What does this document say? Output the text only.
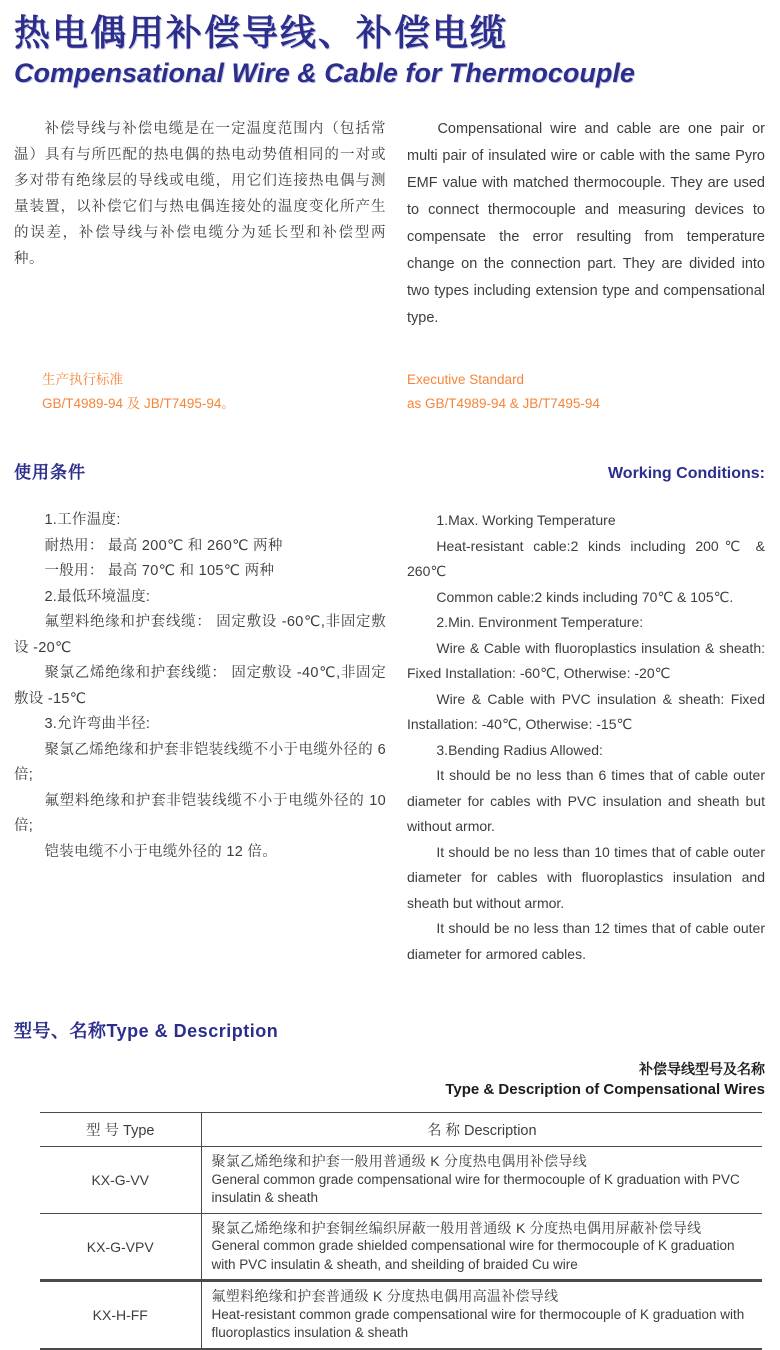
热电偶用补偿导线、补偿电缆
Compensational Wire & Cable for Thermocouple

补偿导线与补偿电缆是在一定温度范围内（包括常温）具有与所匹配的热电偶的热电动势值相同的一对或多对带有绝缘层的导线或电缆，用它们连接热电偶与测量装置，以补偿它们与热电偶连接处的温度变化所产生的误差，补偿导线与补偿电缆分为延长型和补偿型两种。

Compensational wire and cable are one pair or multi pair of insulated wire or cable with the same Pyro EMF value with matched thermocouple. They are used to connect thermocouple and measuring devices to compensate the error resulting from temperature change on the connection part. They are divided into two types including extension type and compensational type.

生产执行标准

GB/T4989-94 及 JB/T7495-94。

Executive Standard

as GB/T4989-94 & JB/T7495-94

使用条件	Working Conditions:

1.工作温度:

耐热用： 最高 200℃ 和 260℃ 两种

一般用： 最高 70℃ 和 105℃ 两种

2.最低环境温度:

氟塑料绝缘和护套线缆： 固定敷设 -60℃,非固定敷设 -20℃

聚氯乙烯绝缘和护套线缆： 固定敷设 -40℃,非固定敷设 -15℃

3.允许弯曲半径:

聚氯乙烯绝缘和护套非铠装线缆不小于电缆外径的 6 倍;

氟塑料绝缘和护套非铠装线缆不小于电缆外径的 10 倍;

铠装电缆不小于电缆外径的 12 倍。

1.Max. Working Temperature

Heat-resistant cable:2 kinds including 200℃ & 260℃

Common cable:2 kinds including 70℃ & 105℃.

2.Min. Environment Temperature:

Wire & Cable with fluoroplastics insulation & sheath: Fixed Installation: -60℃, Otherwise: -20℃

Wire & Cable with PVC insulation & sheath: Fixed Installation: -40℃, Otherwise: -15℃

3.Bending Radius Allowed:

It should be no less than 6 times that of cable outer diameter for cables with PVC insulation and sheath but without armor.

It should be no less than 10 times that of cable outer diameter for cables with fluoroplastics insulation and sheath but without armor.

It should be no less than 12 times that of cable outer diameter for armored cables.

型号、名称Type & Description
补偿导线型号及名称
Type & Description of Compensational Wires
型 号 Type	名 称 Description
KX-G-VV	聚氯乙烯绝缘和护套一般用普通级 K 分度热电偶用补偿导线
General common grade compensational wire for thermocouple of K graduation with PVC insulatin & sheath

KX-G-VPV	聚氯乙烯绝缘和护套铜丝编织屏蔽一般用普通级 K 分度热电偶用屏蔽补偿导线
General common grade shielded compensational wire for thermocouple of K graduation with PVC insulatin & sheath, and sheilding of braided Cu wire

KX-H-FF	氟塑料绝缘和护套普通级 K 分度热电偶用高温补偿导线
Heat-resistant common grade compensational wire for thermocouple of K graduation with fluoroplastics insulation & sheath
